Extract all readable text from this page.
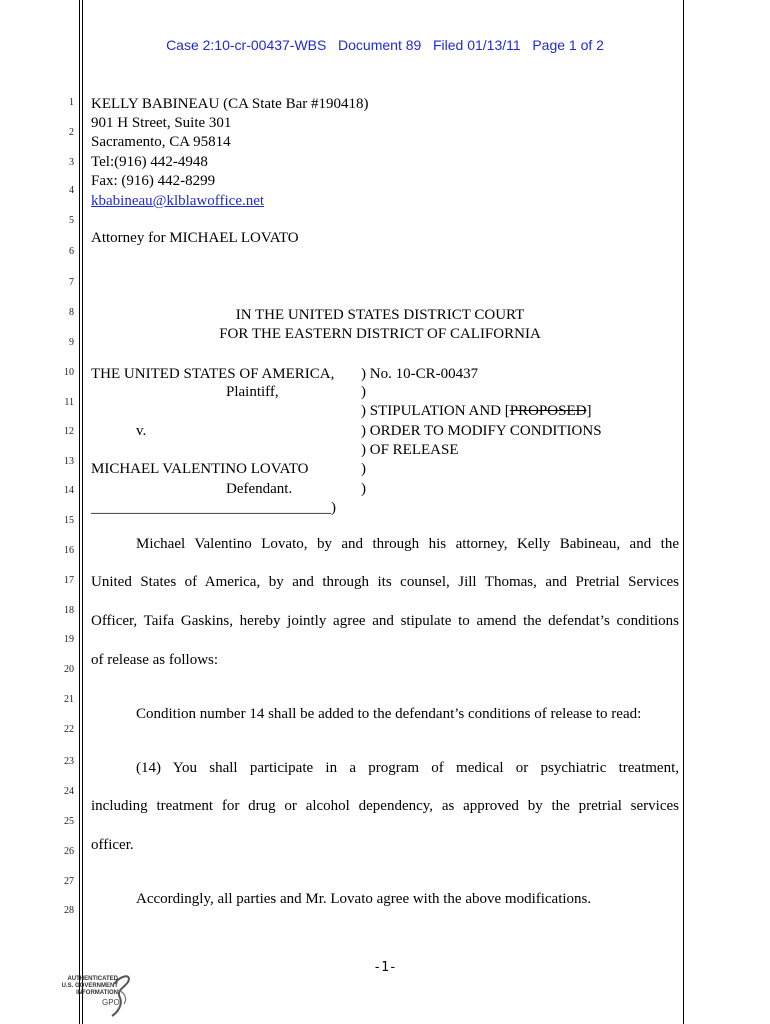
Case 2:10-cr-00437-WBS   Document 89   Filed 01/13/11   Page 1 of 2
1
2
3
4
5
6
7
8
9
10
11
12
13
14
15
16
17
18
19
20
21
22
23
24
25
26
27
28
KELLY BABINEAU (CA State Bar #190418)
901 H Street, Suite 301
Sacramento, CA 95814
Tel:(916) 442-4948
Fax: (916) 442-8299
kbabineau@klblawoffice.net
Attorney for MICHAEL LOVATO
IN THE UNITED STATES DISTRICT COURT
FOR THE EASTERN DISTRICT OF CALIFORNIA
THE UNITED STATES OF AMERICA,
Plaintiff,
v.
MICHAEL VALENTINO LOVATO
Defendant.
________________________________)
) No. 10-CR-00437
)
) STIPULATION AND [PROPOSED]
) ORDER TO MODIFY CONDITIONS
) OF RELEASE
)
)
Michael Valentino Lovato, by and through his attorney, Kelly Babineau, and the
United States of America, by and through its counsel, Jill Thomas, and Pretrial Services
Officer, Taifa Gaskins, hereby jointly agree and stipulate to amend the defendat’s conditions
of release as follows:
Condition number 14 shall be added to the defendant’s conditions of release to read:
(14) You shall participate in a program of medical or psychiatric treatment,
including treatment for drug or alcohol dependency, as approved by the pretrial services
officer.
Accordingly, all parties and Mr. Lovato agree with the above modifications.
-1-
AUTHENTICATED
U.S. GOVERNMENT
INFORMATION
GPO
